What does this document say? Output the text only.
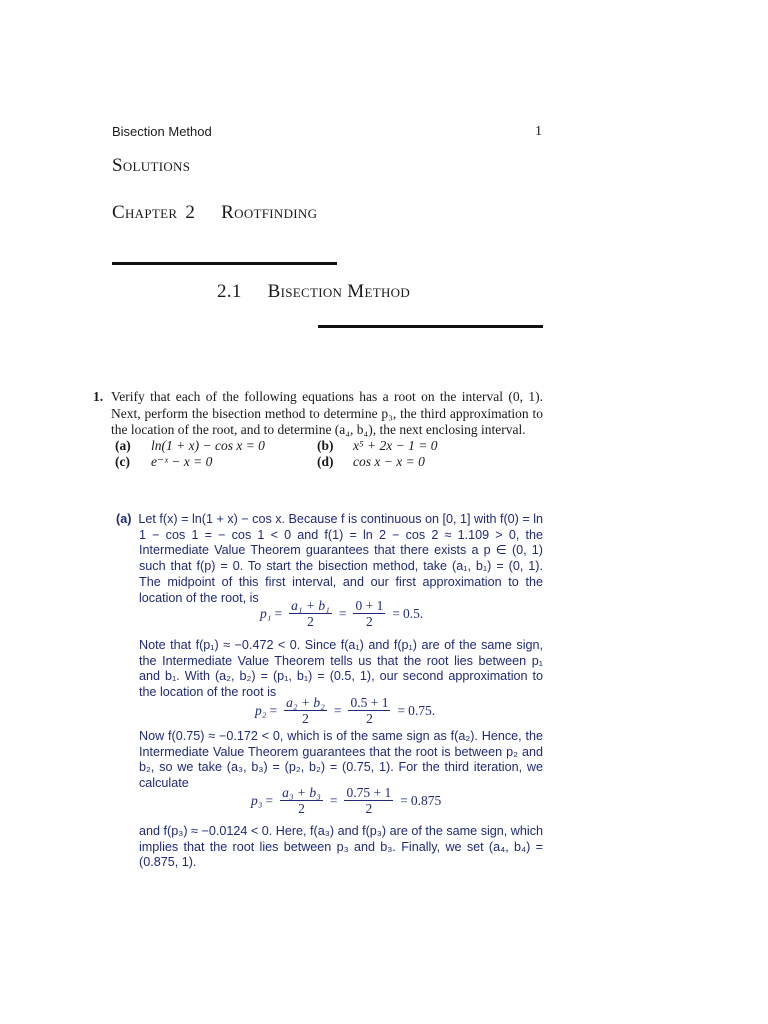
Bisection Method	1
Solutions
Chapter 2 Rootfinding
2.1 Bisection Method
1. Verify that each of the following equations has a root on the interval (0, 1). Next, perform the bisection method to determine p₃, the third approximation to the location of the root, and to determine (a₄, b₄), the next enclosing interval.
(a)	ln(1 + x) − cos x = 0	(b)	x⁵ + 2x − 1 = 0
(c)	e⁻ˣ − x = 0	(d)	cos x − x = 0
(a) Let f(x) = ln(1 + x) − cos x. Because f is continuous on [0, 1] with f(0) = ln 1 − cos 1 = − cos 1 < 0 and f(1) = ln 2 − cos 2 ≈ 1.109 > 0, the Intermediate Value Theorem guarantees that there exists a p ∈ (0, 1) such that f(p) = 0. To start the bisection method, take (a₁, b₁) = (0, 1). The midpoint of this first interval, and our first approximation to the location of the root, is
$p_1 = \frac{\text{a₁ + b₁}}{2} = \frac{0 + 1}{2} = 0.5$.
Note that f(p₁) ≈ −0.472 < 0. Since f(a₁) and f(p₁) are of the same sign, the Intermediate Value Theorem tells us that the root lies between p₁ and b₁. With (a₂, b₂) = (p₁, b₁) = (0.5, 1), our second approximation to the location of the root is
$p_2 = \frac{\text{a₂ + b₂}}{2} = \frac{0.5 + 1}{2} = 0.75$.
Now f(0.75) ≈ −0.172 < 0, which is of the same sign as f(a₂). Hence, the Intermediate Value Theorem guarantees that the root is between p₂ and b₂, so we take (a₃, b₃) = (p₂, b₂) = (0.75, 1). For the third iteration, we calculate
$p_3 = \frac{\text{a₃ + b₃}}{2} = \frac{0.75 + 1}{2} = 0.875$
and f(p₃) ≈ −0.0124 < 0. Here, f(a₃) and f(p₃) are of the same sign, which implies that the root lies between p₃ and b₃. Finally, we set (a₄, b₄) = (0.875, 1).
